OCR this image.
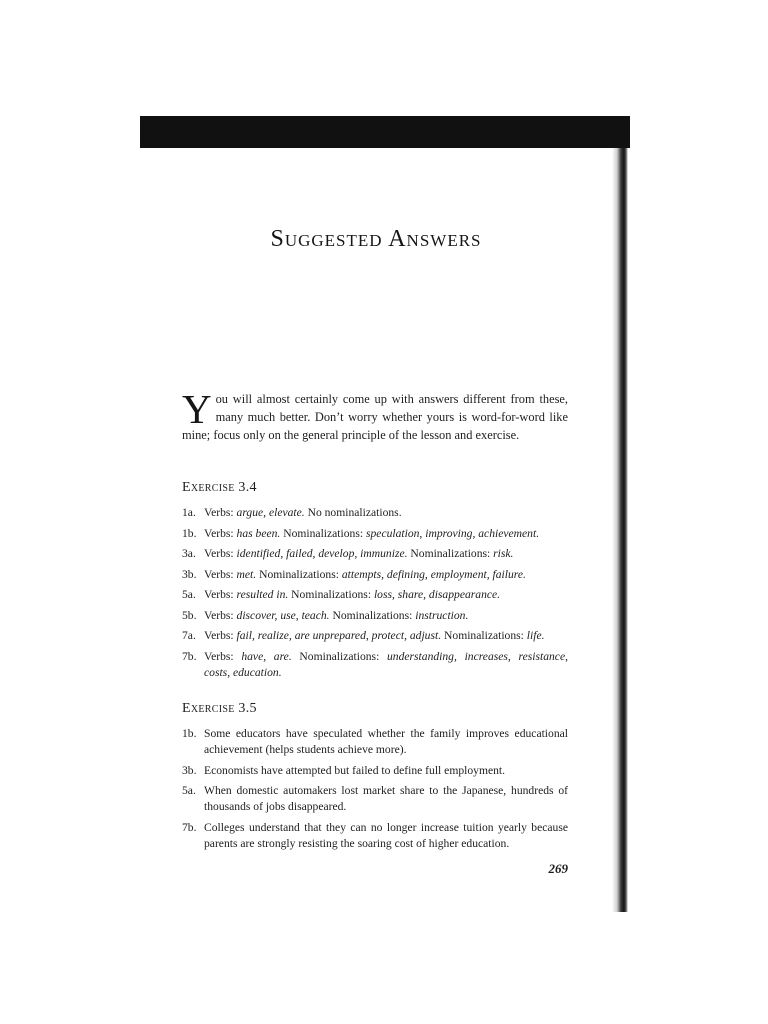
Suggested Answers
You will almost certainly come up with answers different from these, many much better. Don’t worry whether yours is word-for-word like mine; focus only on the general principle of the lesson and exercise.
Exercise 3.4
1a. Verbs: argue, elevate. No nominalizations.
1b. Verbs: has been. Nominalizations: speculation, improving, achievement.
3a. Verbs: identified, failed, develop, immunize. Nominalizations: risk.
3b. Verbs: met. Nominalizations: attempts, defining, employment, failure.
5a. Verbs: resulted in. Nominalizations: loss, share, disappearance.
5b. Verbs: discover, use, teach. Nominalizations: instruction.
7a. Verbs: fail, realize, are unprepared, protect, adjust. Nominalizations: life.
7b. Verbs: have, are. Nominalizations: understanding, increases, resistance, costs, education.
Exercise 3.5
1b. Some educators have speculated whether the family improves educational achievement (helps students achieve more).
3b. Economists have attempted but failed to define full employment.
5a. When domestic automakers lost market share to the Japanese, hundreds of thousands of jobs disappeared.
7b. Colleges understand that they can no longer increase tuition yearly because parents are strongly resisting the soaring cost of higher education.
269
